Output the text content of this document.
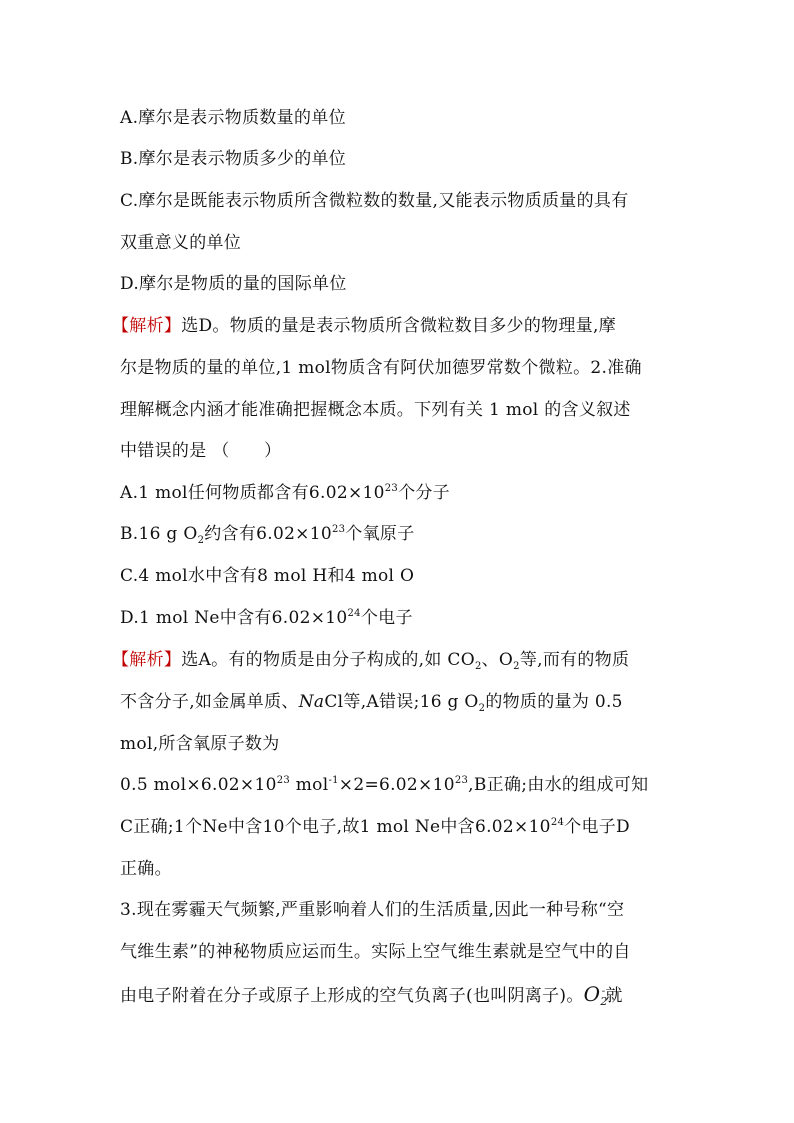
A.摩尔是表示物质数量的单位
B.摩尔是表示物质多少的单位
C.摩尔是既能表示物质所含微粒数的数量,又能表示物质质量的具有
双重意义的单位
D.摩尔是物质的量的国际单位
【解析】选D。物质的量是表示物质所含微粒数目多少的物理量,摩
尔是物质的量的单位,1 mol物质含有阿伏加德罗常数个微粒。2.准确
理解概念内涵才能准确把握概念本质。下列有关 1 mol 的含义叙述
中错误的是 （　　）
A.1 mol任何物质都含有$6.02\times 10^{23}$个分子
B.16 g $O_2$约含有$6.02\times 10^{23}$个氧原子
C.4 mol水中含有8 mol H和4 mol O
D.1 mol Ne中含有$6.02\times 10^{24}$个电子
【解析】选A。有的物质是由分子构成的,如 $CO_2$、$O_2$等,而有的物质
不含分子,如金属单质、NaCl等,A错误;16 g $O_2$的物质的量为 0.5
mol,所含氧原子数为
0.5 $mol\times 6.02\times 10^{23}$ $mol^{-1}\times 2=6.02\times 10^{23},B$正确;由水的组成可知
C正确;1个Ne中含10个电子,故1 mol Ne中含$6.02\times 10^{24}$个电子D
正确。
3.现在雾霾天气频繁,严重影响着人们的生活质量,因此一种号称“空
气维生素”的神秘物质应运而生。实际上空气维生素就是空气中的自
由电子附着在分子或原子上形成的空气负离子(也叫阴离子)。$O_2^-$就
